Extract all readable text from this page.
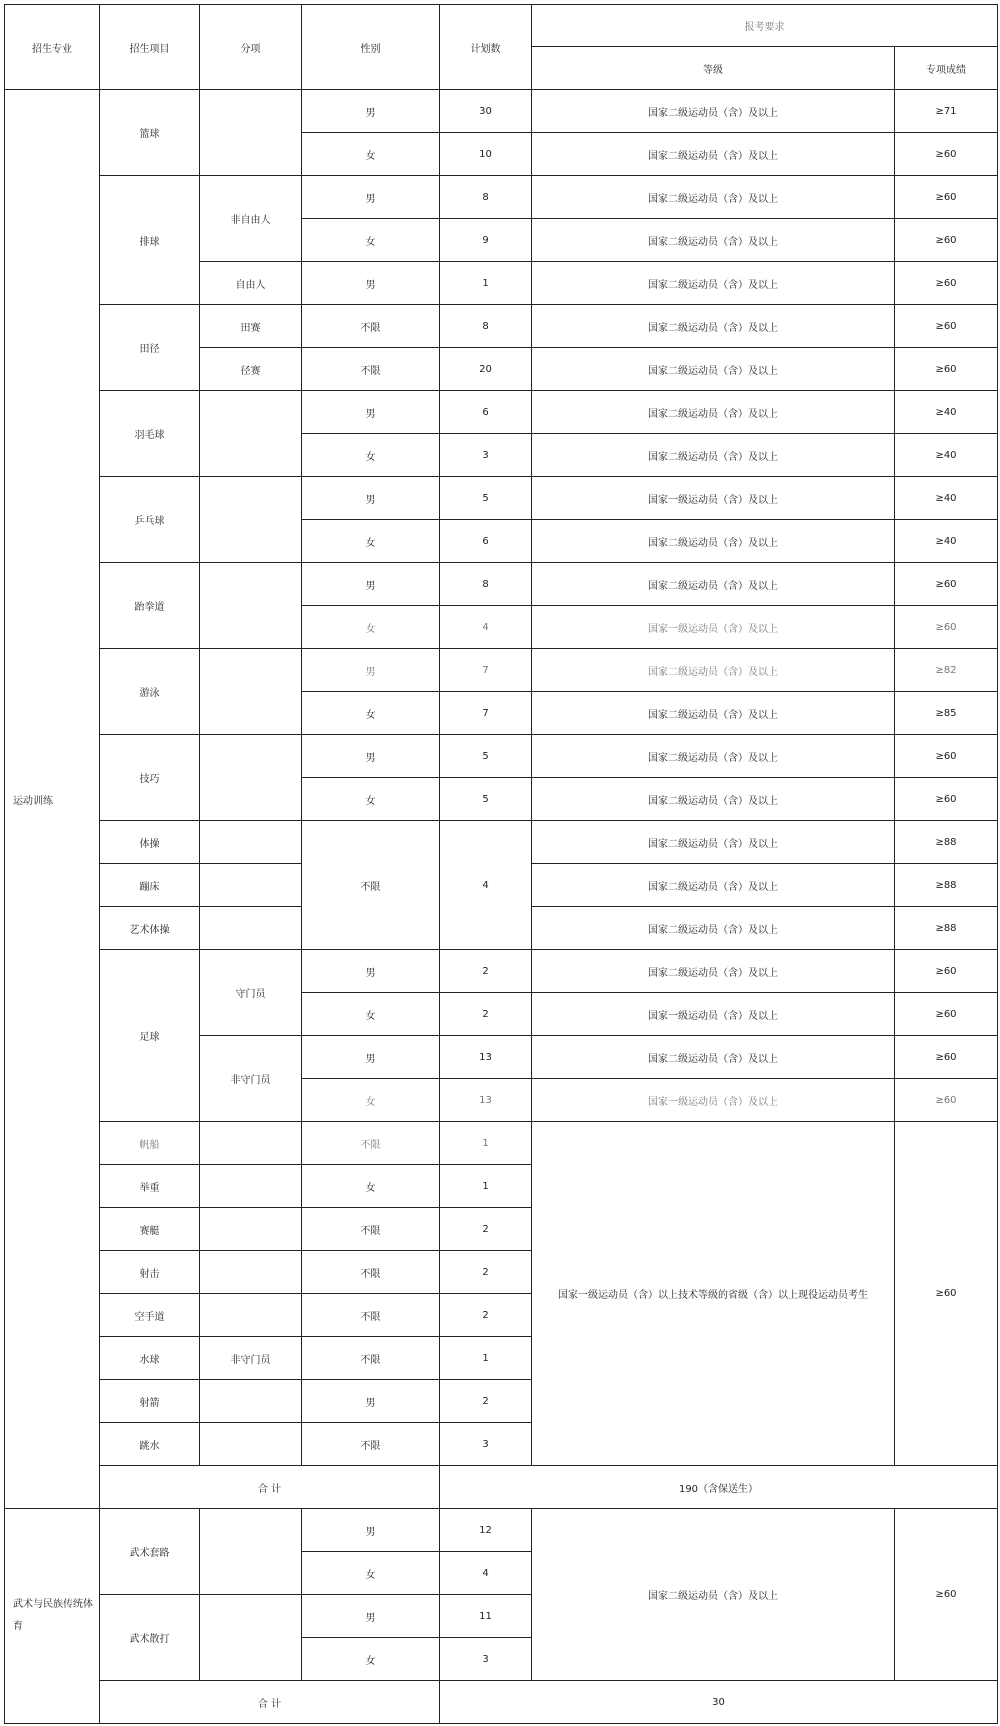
招生专业	招生项目	分项	性别	计划数	报考要求	
					等级	专项成绩
运动训练	篮球		男	30	国家二级运动员（含）及以上	≥71
			女	10	国家二级运动员（含）及以上	≥60
	排球	非自由人	男	8	国家二级运动员（含）及以上	≥60
			女	9	国家二级运动员（含）及以上	≥60
		自由人	男	1	国家二级运动员（含）及以上	≥60
	田径	田赛	不限	8	国家二级运动员（含）及以上	≥60
		径赛	不限	20	国家二级运动员（含）及以上	≥60
	羽毛球		男	6	国家二级运动员（含）及以上	≥40
			女	3	国家二级运动员（含）及以上	≥40
	乒乓球		男	5	国家一级运动员（含）及以上	≥40
			女	6	国家二级运动员（含）及以上	≥40
	跆拳道		男	8	国家二级运动员（含）及以上	≥60
			女	4	国家一级运动员（含）及以上	≥60
	游泳		男	7	国家二级运动员（含）及以上	≥82
			女	7	国家二级运动员（含）及以上	≥85
	技巧		男	5	国家二级运动员（含）及以上	≥60
			女	5	国家二级运动员（含）及以上	≥60
	体操		不限	4	国家二级运动员（含）及以上	≥88
	蹦床				国家二级运动员（含）及以上	≥88
	艺术体操				国家二级运动员（含）及以上	≥88
	足球	守门员	男	2	国家二级运动员（含）及以上	≥60
			女	2	国家一级运动员（含）及以上	≥60
		非守门员	男	13	国家二级运动员（含）及以上	≥60
			女	13	国家一级运动员（含）及以上	≥60
	帆船		不限	1	国家一级运动员（含）以上技术等级的省级（含）以上现役运动员考生	≥60
	举重		女	1		
	赛艇		不限	2		
	射击		不限	2		
	空手道		不限	2		
	水球	非守门员	不限	1		
	射箭		男	2		
	跳水		不限	3		
	合 计			190（含保送生）		
武术与民族传统体育	武术套路		男	12	国家二级运动员（含）及以上	≥60
			女	4		
	武术散打		男	11		
			女	3		
	合 计			30		
